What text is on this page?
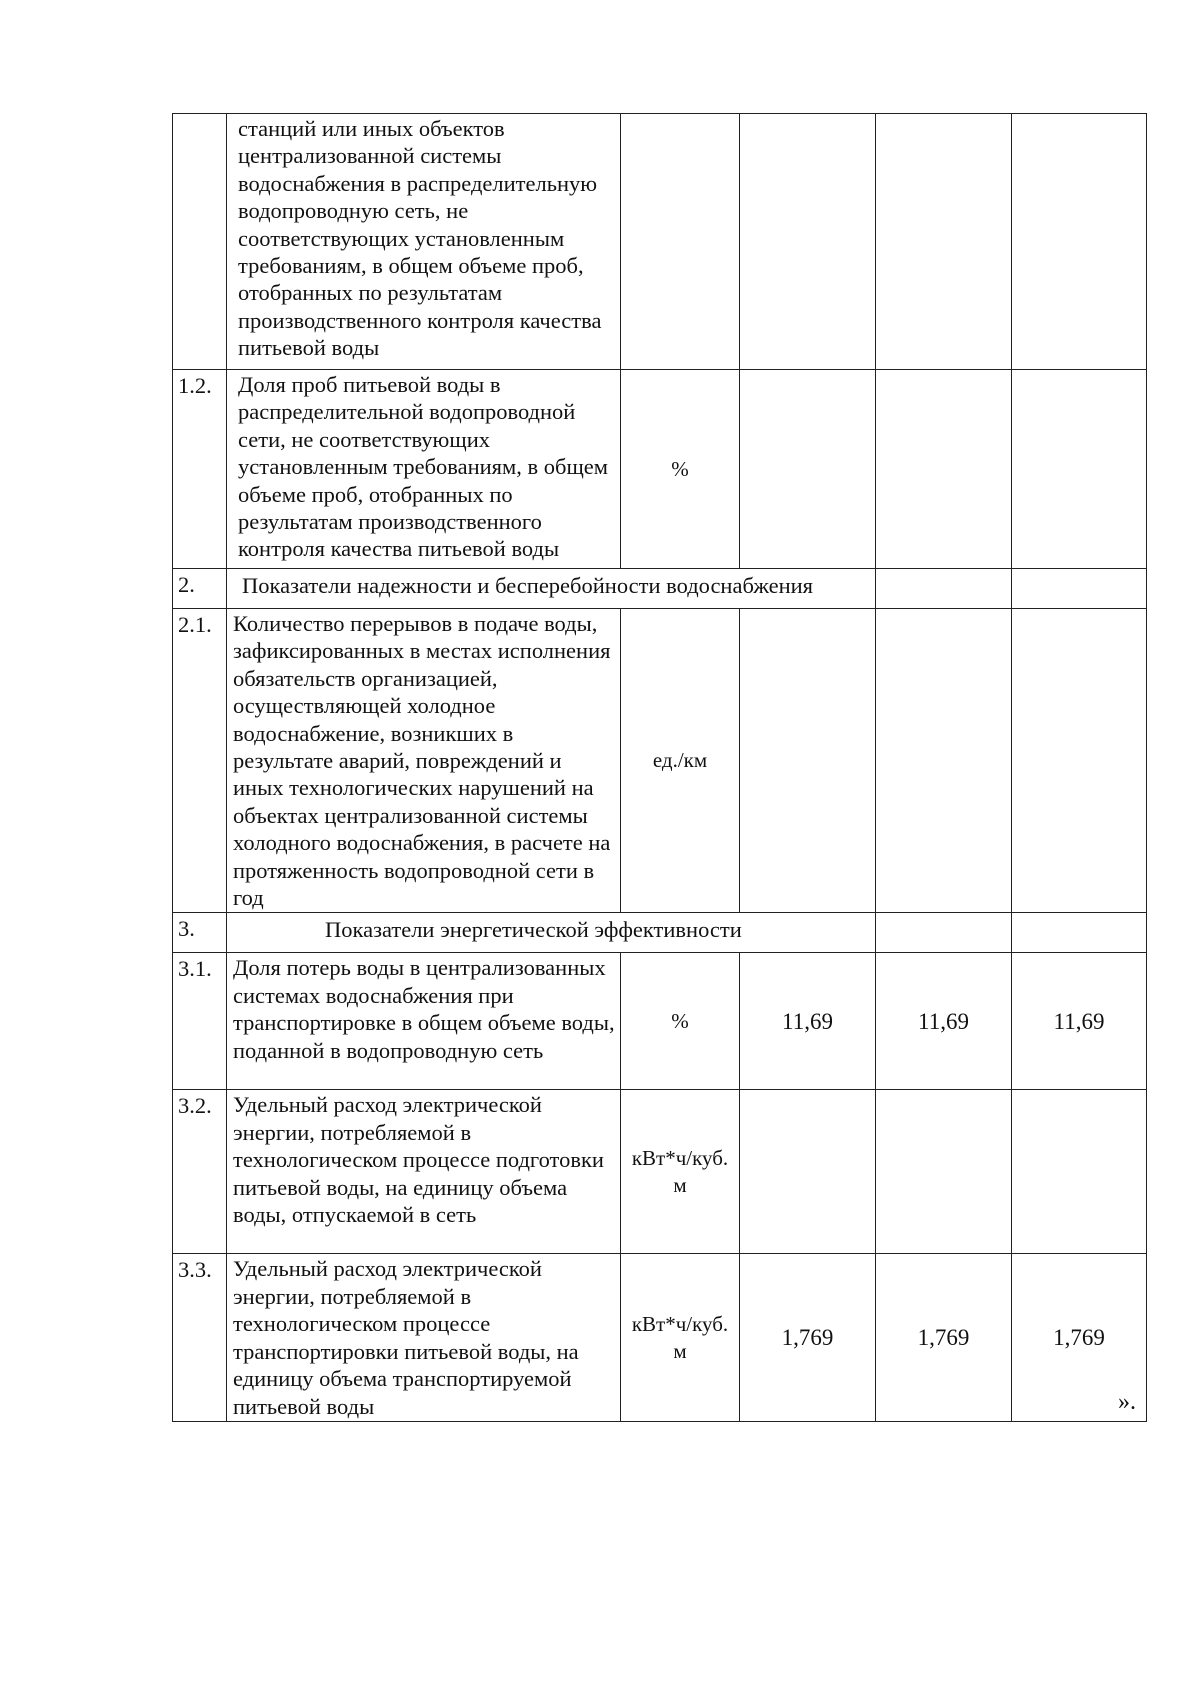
	станций или иных объектов централизованной системы водоснабжения в распределительную водопроводную сеть, не соответствующих установленным требованиям, в общем объеме проб, отобранных по результатам производственного контроля качества питьевой воды				
1.2.	Доля проб питьевой воды в распределительной водопроводной сети, не соответствующих установленным требованиям, в общем объеме проб, отобранных по результатам производственного контроля качества питьевой воды	%			
2.	Показатели надежности и бесперебойности водоснабжения				
2.1.	Количество перерывов в подаче воды, зафиксированных в местах исполнения обязательств организацией, осуществляющей холодное водоснабжение, возникших в результате аварий, повреждений и иных технологических нарушений на объектах централизованной системы холодного водоснабжения, в расчете на протяженность водопроводной сети в год	ед./км			
3.	Показатели энергетической эффективности				
3.1.	Доля потерь воды в централизованных системах водоснабжения при транспортировке в общем объеме воды, поданной в водопроводную сеть	%	11,69	11,69	11,69
3.2.	Удельный расход электрической энергии, потребляемой в технологическом процессе подготовки питьевой воды, на единицу объема воды, отпускаемой в сеть	кВт*ч/куб. м			
3.3.	Удельный расход электрической энергии, потребляемой в технологическом процессе транспортировки питьевой воды, на единицу объема транспортируемой питьевой воды	кВт*ч/куб. м	1,769	1,769	1,769
».
